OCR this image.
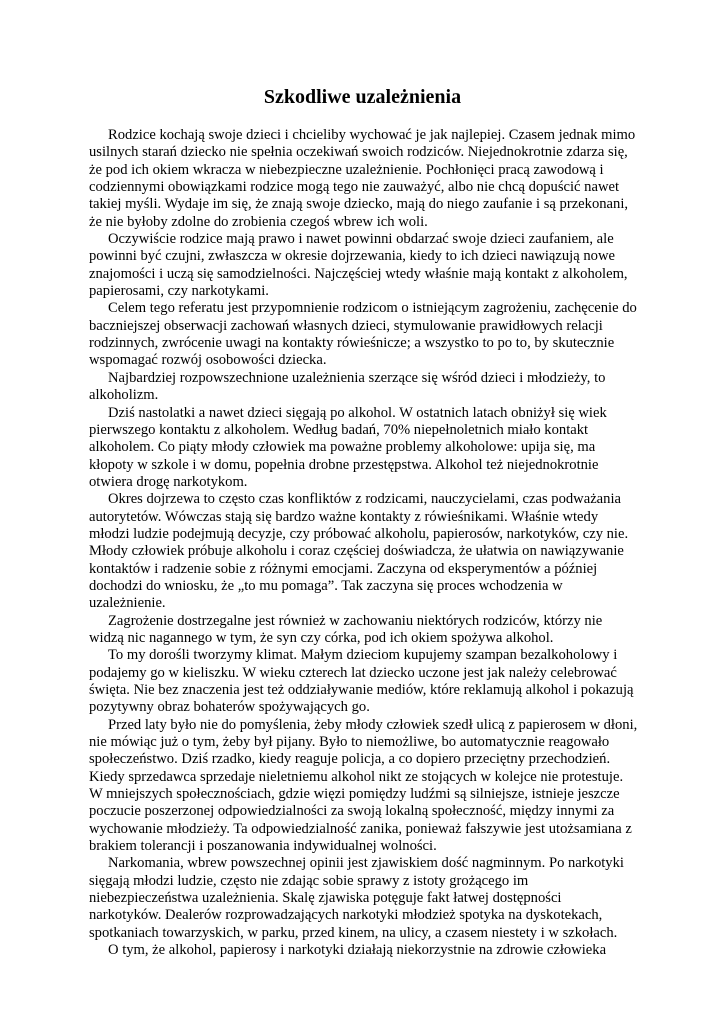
Szkodliwe uzależnienia
Rodzice kochają swoje dzieci i chcieliby wychować je jak najlepiej. Czasem jednak mimo
usilnych starań dziecko nie spełnia oczekiwań swoich rodziców. Niejednokrotnie zdarza się,
że pod ich okiem wkracza w niebezpieczne uzależnienie. Pochłonięci pracą zawodową i
codziennymi obowiązkami rodzice mogą tego nie zauważyć, albo nie chcą dopuścić nawet
takiej myśli. Wydaje im się, że znają swoje dziecko, mają do niego zaufanie i są przekonani,
że nie byłoby zdolne do zrobienia czegoś wbrew ich woli.
Oczywiście rodzice mają prawo i nawet powinni obdarzać swoje dzieci zaufaniem, ale
powinni być czujni, zwłaszcza w okresie dojrzewania, kiedy to ich dzieci nawiązują nowe
znajomości i uczą się samodzielności. Najczęściej wtedy właśnie mają kontakt z alkoholem,
papierosami, czy narkotykami.
Celem tego referatu jest przypomnienie rodzicom o istniejącym zagrożeniu, zachęcenie do
baczniejszej obserwacji zachowań własnych dzieci, stymulowanie prawidłowych relacji
rodzinnych, zwrócenie uwagi na kontakty rówieśnicze; a wszystko to po to, by skutecznie
wspomagać rozwój osobowości dziecka.
Najbardziej rozpowszechnione uzależnienia szerzące się wśród dzieci i młodzieży, to
alkoholizm.
Dziś nastolatki a nawet dzieci sięgają po alkohol. W ostatnich latach obniżył się wiek
pierwszego kontaktu z alkoholem. Według badań, 70% niepełnoletnich miało kontakt
alkoholem. Co piąty młody człowiek ma poważne problemy alkoholowe: upija się, ma
kłopoty w szkole i w domu, popełnia drobne przestępstwa. Alkohol też niejednokrotnie
otwiera drogę narkotykom.
Okres dojrzewa to często czas konfliktów z rodzicami, nauczycielami, czas podważania
autorytetów. Wówczas stają się bardzo ważne kontakty z rówieśnikami. Właśnie wtedy
młodzi ludzie podejmują decyzje, czy próbować alkoholu, papierosów, narkotyków, czy nie.
Młody człowiek próbuje alkoholu i coraz częściej doświadcza, że ułatwia on nawiązywanie
kontaktów i radzenie sobie z różnymi emocjami. Zaczyna od eksperymentów a później
dochodzi do wniosku, że „to mu pomaga”. Tak zaczyna się proces wchodzenia w
uzależnienie.
Zagrożenie dostrzegalne jest również w zachowaniu niektórych rodziców, którzy nie
widzą nic nagannego w tym, że syn czy córka, pod ich okiem spożywa alkohol.
To my dorośli tworzymy klimat. Małym dzieciom kupujemy szampan bezalkoholowy i
podajemy go w kieliszku. W wieku czterech lat dziecko uczone jest jak należy celebrować
święta. Nie bez znaczenia jest też oddziaływanie mediów, które reklamują alkohol i pokazują
pozytywny obraz bohaterów spożywających go.
Przed laty było nie do pomyślenia, żeby młody człowiek szedł ulicą z papierosem w dłoni,
nie mówiąc już o tym, żeby był pijany. Było to niemożliwe, bo automatycznie reagowało
społeczeństwo. Dziś rzadko, kiedy reaguje policja, a co dopiero przeciętny przechodzień.
Kiedy sprzedawca sprzedaje nieletniemu alkohol nikt ze stojących w kolejce nie protestuje.
W mniejszych społecznościach, gdzie więzi pomiędzy ludźmi są silniejsze, istnieje jeszcze
poczucie poszerzonej odpowiedzialności za swoją lokalną społeczność, między innymi za
wychowanie młodzieży. Ta odpowiedzialność zanika, ponieważ fałszywie jest utożsamiana z
brakiem tolerancji i poszanowania indywidualnej wolności.
Narkomania, wbrew powszechnej opinii jest zjawiskiem dość nagminnym. Po narkotyki
sięgają młodzi ludzie, często nie zdając sobie sprawy z istoty grożącego im
niebezpieczeństwa uzależnienia. Skalę zjawiska potęguje fakt łatwej dostępności
narkotyków. Dealerów rozprowadzających narkotyki młodzież spotyka na dyskotekach,
spotkaniach towarzyskich, w parku, przed kinem, na ulicy, a czasem niestety i w szkołach.
O tym, że alkohol, papierosy i narkotyki działają niekorzystnie na zdrowie człowieka
